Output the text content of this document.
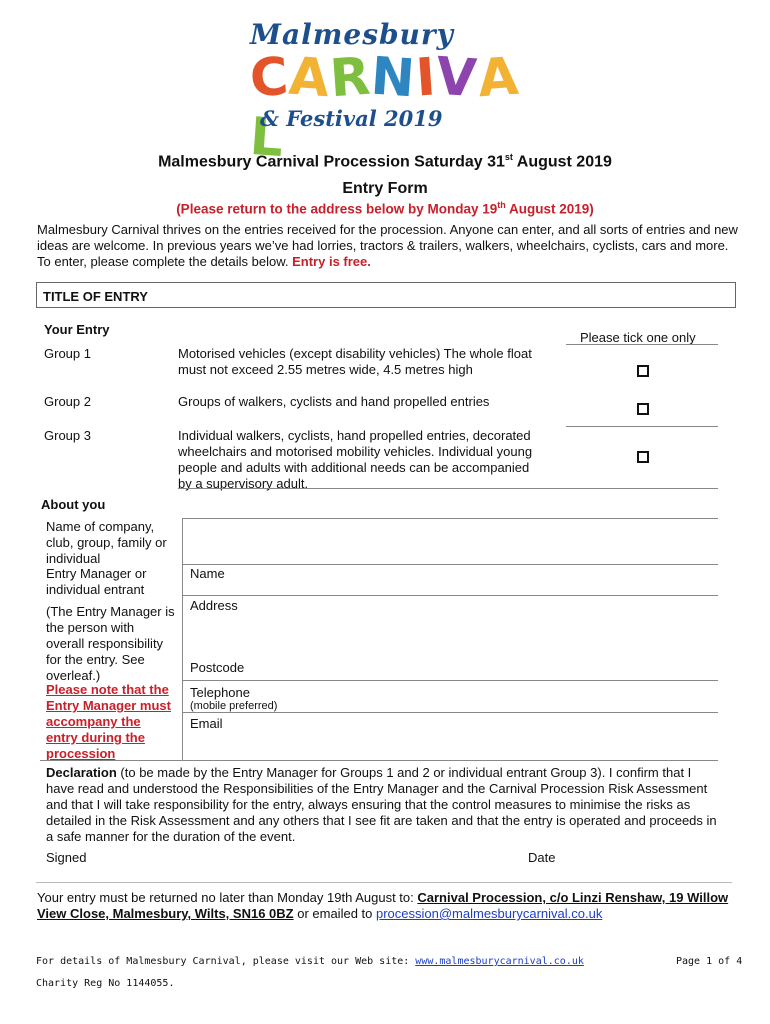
Malmesbury
CARNIVAL
& Festival 2019
Malmesbury Carnival Procession Saturday 31st August 2019
Entry Form
(Please return to the address below by Monday 19th August 2019)
Malmesbury Carnival thrives on the entries received for the procession. Anyone can enter, and all sorts of entries and new ideas are welcome. In previous years we’ve had lorries, tractors & trailers, walkers, wheelchairs, cyclists, cars and more. To enter, please complete the details below. Entry is free.
TITLE OF ENTRY
Your Entry
Please tick one only
Group 1	Motorised vehicles (except disability vehicles) The whole float must not exceed 2.55 metres wide, 4.5 metres high
Group 2	Groups of walkers, cyclists and hand propelled entries
Group 3	Individual walkers, cyclists, hand propelled entries, decorated wheelchairs and motorised mobility vehicles. Individual young people and adults with additional needs can be accompanied by a supervisory adult.
About you
Name of company, club, group, family or individual
Entry Manager or individual entrant
Name
Address
(The Entry Manager is the person with overall responsibility for the entry. See overleaf.)
Postcode
Please note that the Entry Manager must accompany the entry during the procession
Telephone
(mobile preferred)
Email
Declaration (to be made by the Entry Manager for Groups 1 and 2 or individual entrant Group 3). I confirm that I have read and understood the Responsibilities of the Entry Manager and the Carnival Procession Risk Assessment and that I will take responsibility for the entry, always ensuring that the control measures to minimise the risks as detailed in the Risk Assessment and any others that I see fit are taken and that the entry is operated and proceeds in a safe manner for the duration of the event.
Signed	Date
Your entry must be returned no later than Monday 19th August to: Carnival Procession, c/o Linzi Renshaw, 19 Willow View Close, Malmesbury, Wilts, SN16 0BZ or emailed to procession@malmesburycarnival.co.uk
For details of Malmesbury Carnival, please visit our Web site: www.malmesburycarnival.co.uk	Page 1 of 4
Charity Reg No 1144055.
